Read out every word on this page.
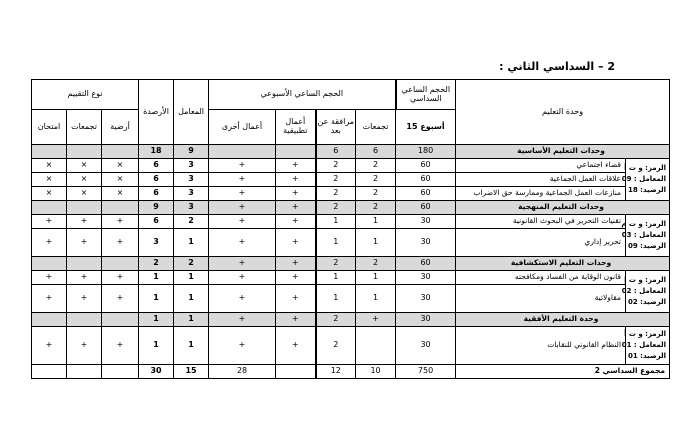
2 – السداسي الثاني :
نوع التقييم			الأرصدة	المعامل	الحجم الساعي الأسبوعي				الحجم الساعي السداسي	وحدة التعليم	
امتحان	تجمعات	أرضية			أعمال أخرى	أعمال تطبيقية	مرافقة عن بعد	تجمعات	15 أسبوع		
			18	9			6	6	180	وحدات التعليم الأساسية	
×	×	×	6	3	+	+	2	2	60	قضاء اجتماعي	الرمز: و ت أ
المعامل : 09
الرصيد: 18

×	×	×	6	3	+	+	2	2	60	علاقات العمل الجماعية	
×	×	×	6	3	+	+	2	2	60	منازعات العمل الجماعية وممارسة حق الاضراب	
			9	3	+	+	2	2	60	وحدات التعليم المنهجية	
+	+	+	6	2	+	+	1	1	30	تقنيات التحرير في البحوث القانونية	الرمز: و ت م
المعامل : 03
الرصيد: 09

+	+	+	3	1	+	+	1	1	30	تحرير إداري	
			2	2	+	+	2	2	60	وحدات التعليم الاستكشافية	
+	+	+	1	1	+	+	1	1	30	قانون الوقاية من الفساد ومكافحته	الرمز: و ت إ
المعامل : 02
الرصيد: 02

+	+	+	1	1	+	+	1	1	30	مقاولاتية	
			1	1	+	+	2	+	30	وحدة التعليم الأفقية	
+	+	+	1	1	+	+	2		30	النظام القانوني للنقابات	الرمز: و ت أ
المعامل : 01
الرصيد: 01

			30	15	28		12	10	750	مجموع السداسي 2	
